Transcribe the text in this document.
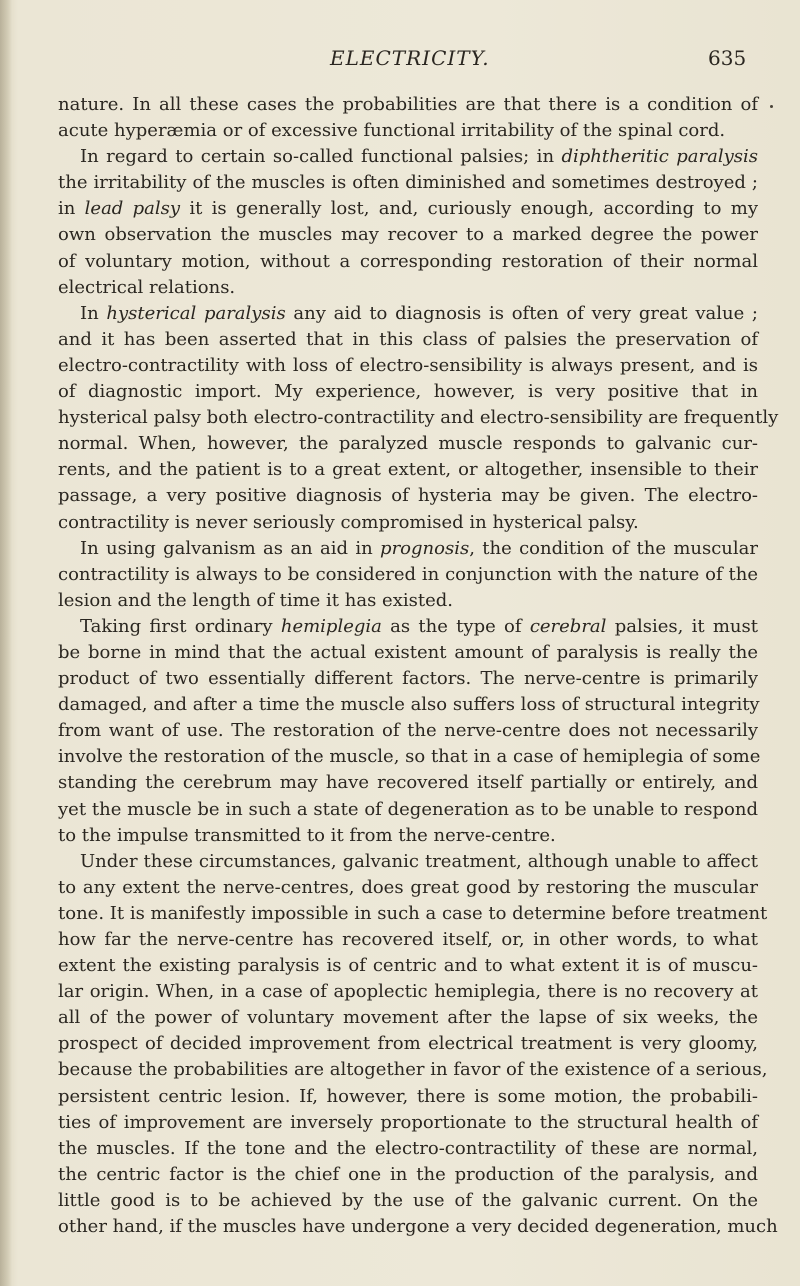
ELECTRICITY.	635
nature. In all these cases the probabilities are that there is a condition of
acute hyperæmia or of excessive functional irritability of the spinal cord.
In regard to certain so-called functional palsies; in diphtheritic paralysis
the irritability of the muscles is often diminished and sometimes destroyed ;
in lead palsy it is generally lost, and, curiously enough, according to my
own observation the muscles may recover to a marked degree the power
of voluntary motion, without a corresponding restoration of their normal
electrical relations.
In hysterical paralysis any aid to diagnosis is often of very great value ;
and it has been asserted that in this class of palsies the preservation of
electro-contractility with loss of electro-sensibility is always present, and is
of diagnostic import. My experience, however, is very positive that in
hysterical palsy both electro-contractility and electro-sensibility are frequently
normal. When, however, the paralyzed muscle responds to galvanic cur-
rents, and the patient is to a great extent, or altogether, insensible to their
passage, a very positive diagnosis of hysteria may be given. The electro-
contractility is never seriously compromised in hysterical palsy.
In using galvanism as an aid in prognosis, the condition of the muscular
contractility is always to be considered in conjunction with the nature of the
lesion and the length of time it has existed.
Taking first ordinary hemiplegia as the type of cerebral palsies, it must
be borne in mind that the actual existent amount of paralysis is really the
product of two essentially different factors. The nerve-centre is primarily
damaged, and after a time the muscle also suffers loss of structural integrity
from want of use. The restoration of the nerve-centre does not necessarily
involve the restoration of the muscle, so that in a case of hemiplegia of some
standing the cerebrum may have recovered itself partially or entirely, and
yet the muscle be in such a state of degeneration as to be unable to respond
to the impulse transmitted to it from the nerve-centre.
Under these circumstances, galvanic treatment, although unable to affect
to any extent the nerve-centres, does great good by restoring the muscular
tone. It is manifestly impossible in such a case to determine before treatment
how far the nerve-centre has recovered itself, or, in other words, to what
extent the existing paralysis is of centric and to what extent it is of muscu-
lar origin. When, in a case of apoplectic hemiplegia, there is no recovery at
all of the power of voluntary movement after the lapse of six weeks, the
prospect of decided improvement from electrical treatment is very gloomy,
because the probabilities are altogether in favor of the existence of a serious,
persistent centric lesion. If, however, there is some motion, the probabili-
ties of improvement are inversely proportionate to the structural health of
the muscles. If the tone and the electro-contractility of these are normal,
the centric factor is the chief one in the production of the paralysis, and
little good is to be achieved by the use of the galvanic current. On the
other hand, if the muscles have undergone a very decided degeneration, much
